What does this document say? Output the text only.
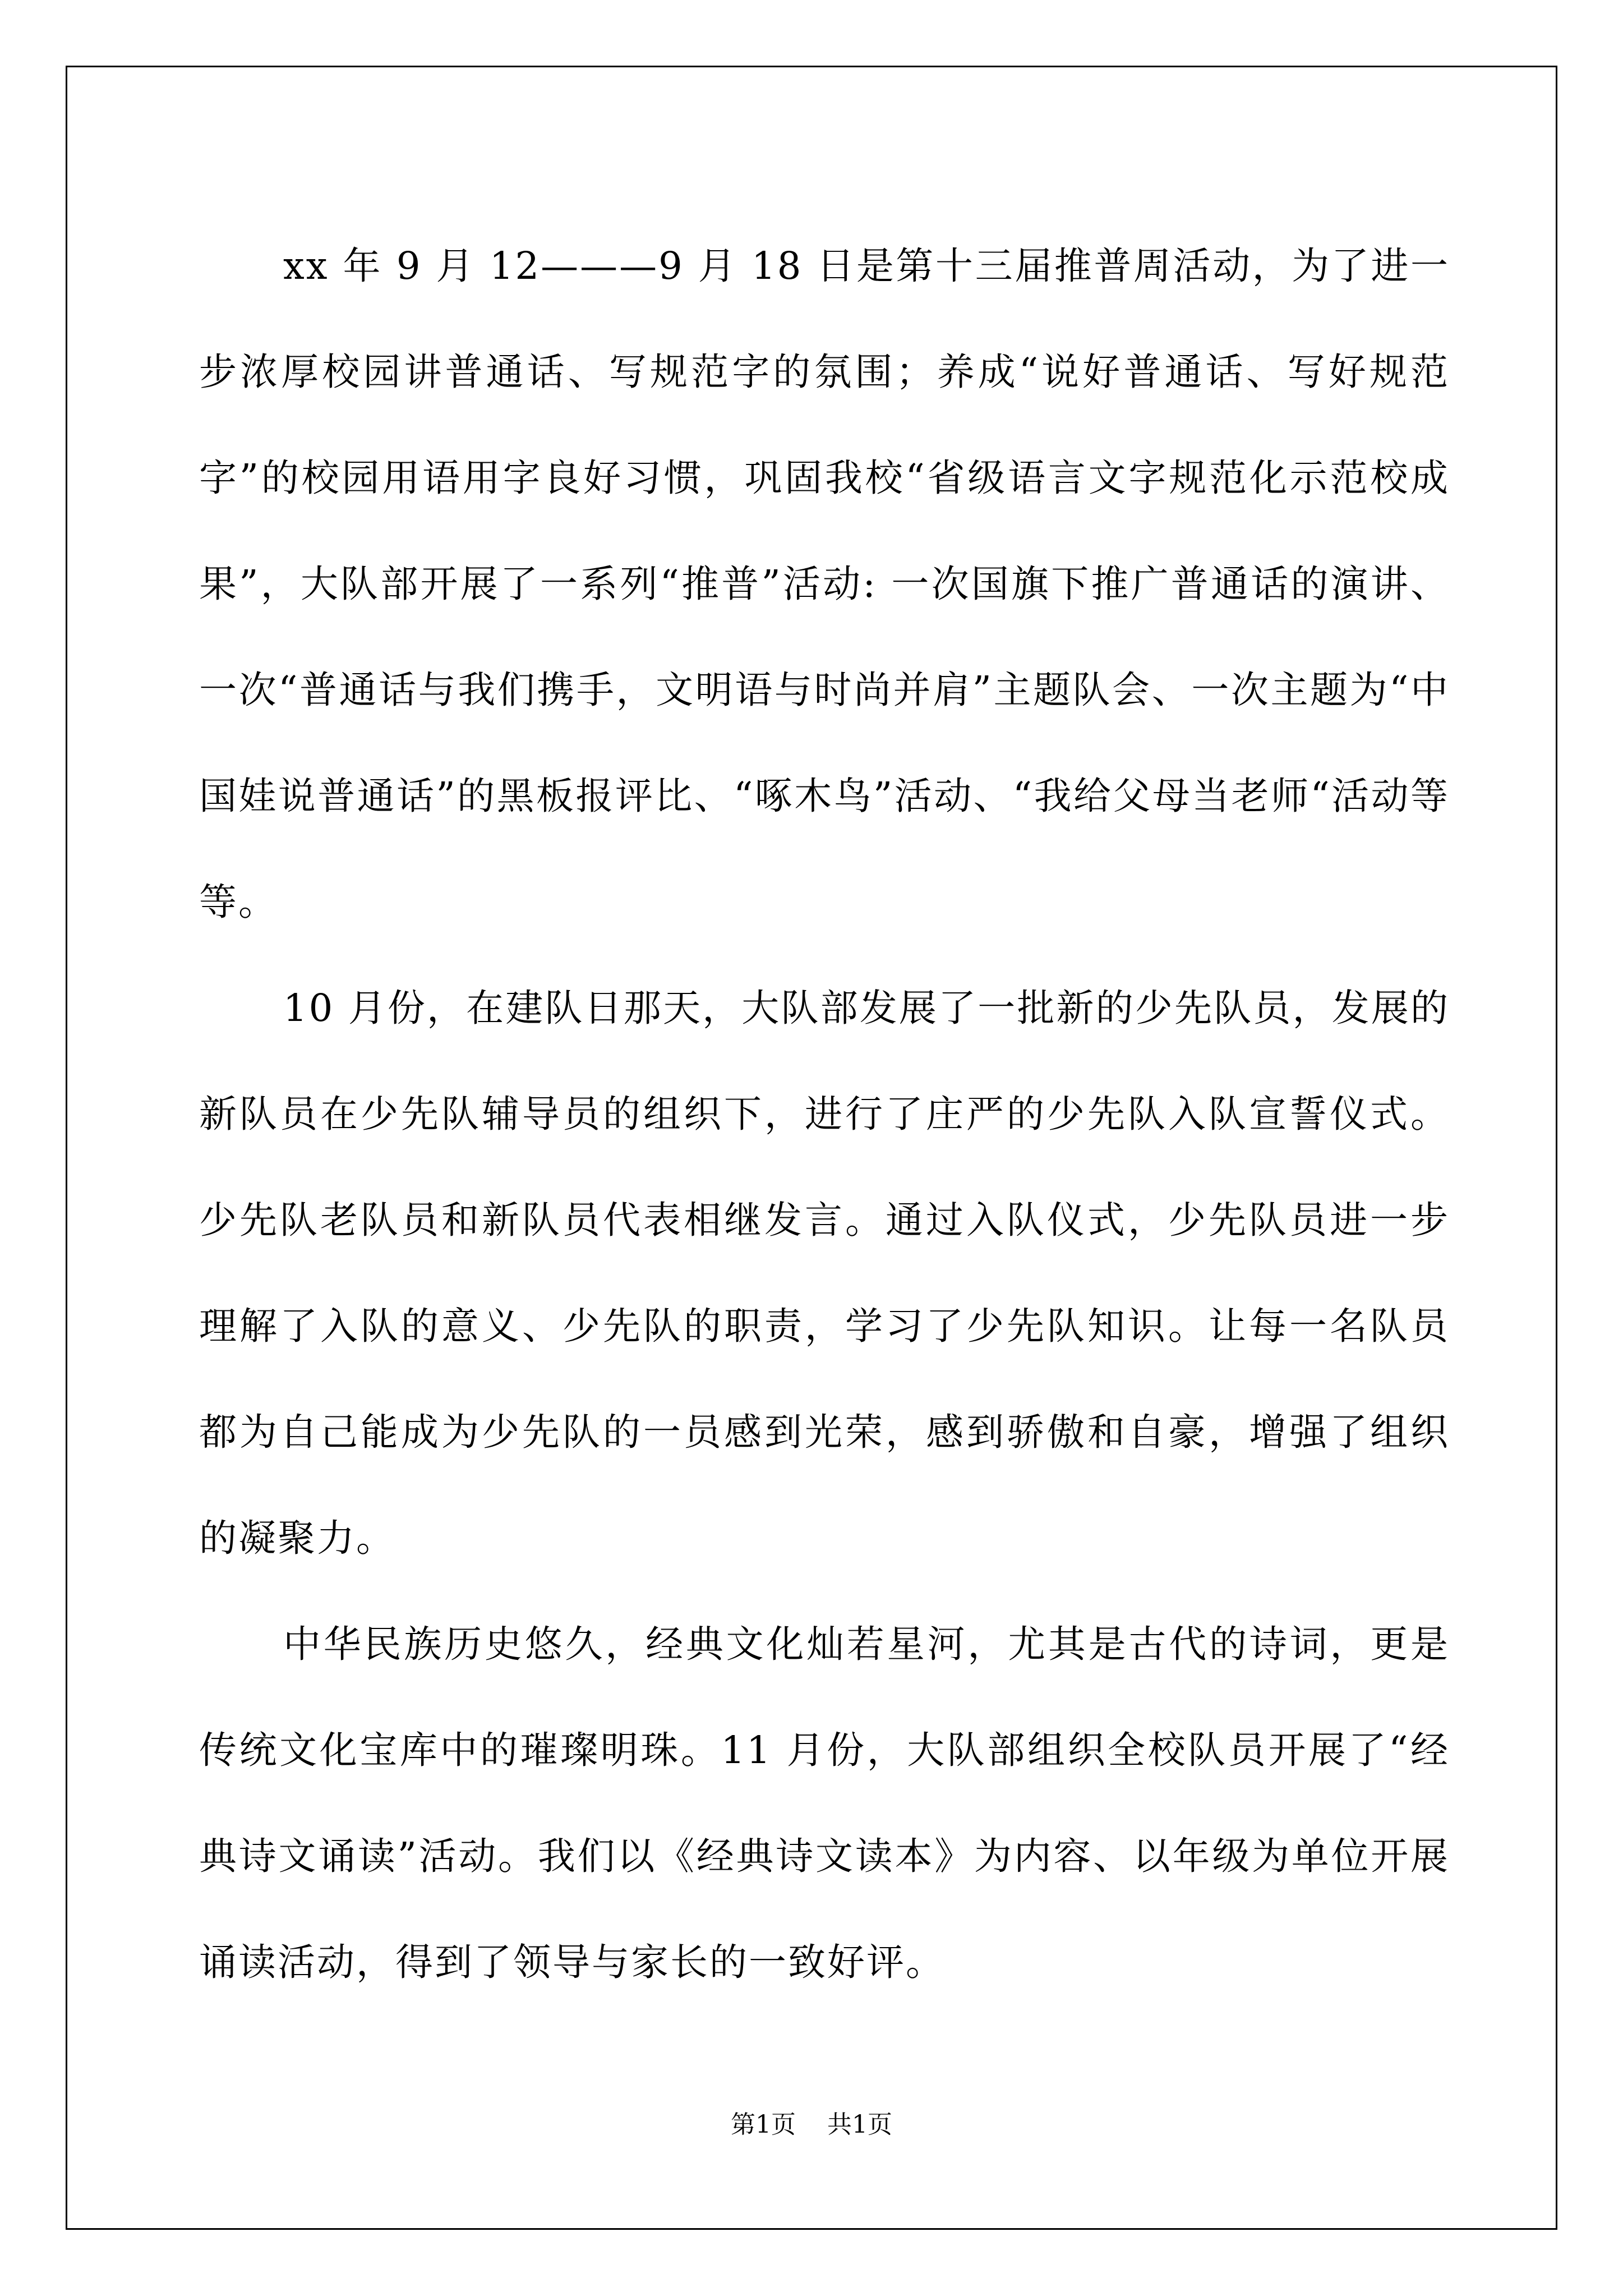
xx 年 9 月 12———9 月 18 日是第十三届推普周活动，为了进一步浓厚校园讲普通话、写规范字的氛围；养成“说好普通话、写好规范字”的校园用语用字良好习惯，巩固我校“省级语言文字规范化示范校成果”，大队部开展了一系列“推普”活动: 一次国旗下推广普通话的演讲、一次“普通话与我们携手，文明语与时尚并肩”主题队会、一次主题为“中国娃说普通话”的黑板报评比、“啄木鸟”活动、“我给父母当老师“活动等等。

10 月份，在建队日那天，大队部发展了一批新的少先队员，发展的新队员在少先队辅导员的组织下，进行了庄严的少先队入队宣誓仪式。少先队老队员和新队员代表相继发言。通过入队仪式，少先队员进一步理解了入队的意义、少先队的职责，学习了少先队知识。让每一名队员都为自己能成为少先队的一员感到光荣，感到骄傲和自豪，增强了组织的凝聚力。

中华民族历史悠久，经典文化灿若星河，尤其是古代的诗词，更是传统文化宝库中的璀璨明珠。11 月份，大队部组织全校队员开展了“经典诗文诵读”活动。我们以《经典诗文读本》为内容、以年级为单位开展诵读活动，得到了领导与家长的一致好评。

第1页 共1页
